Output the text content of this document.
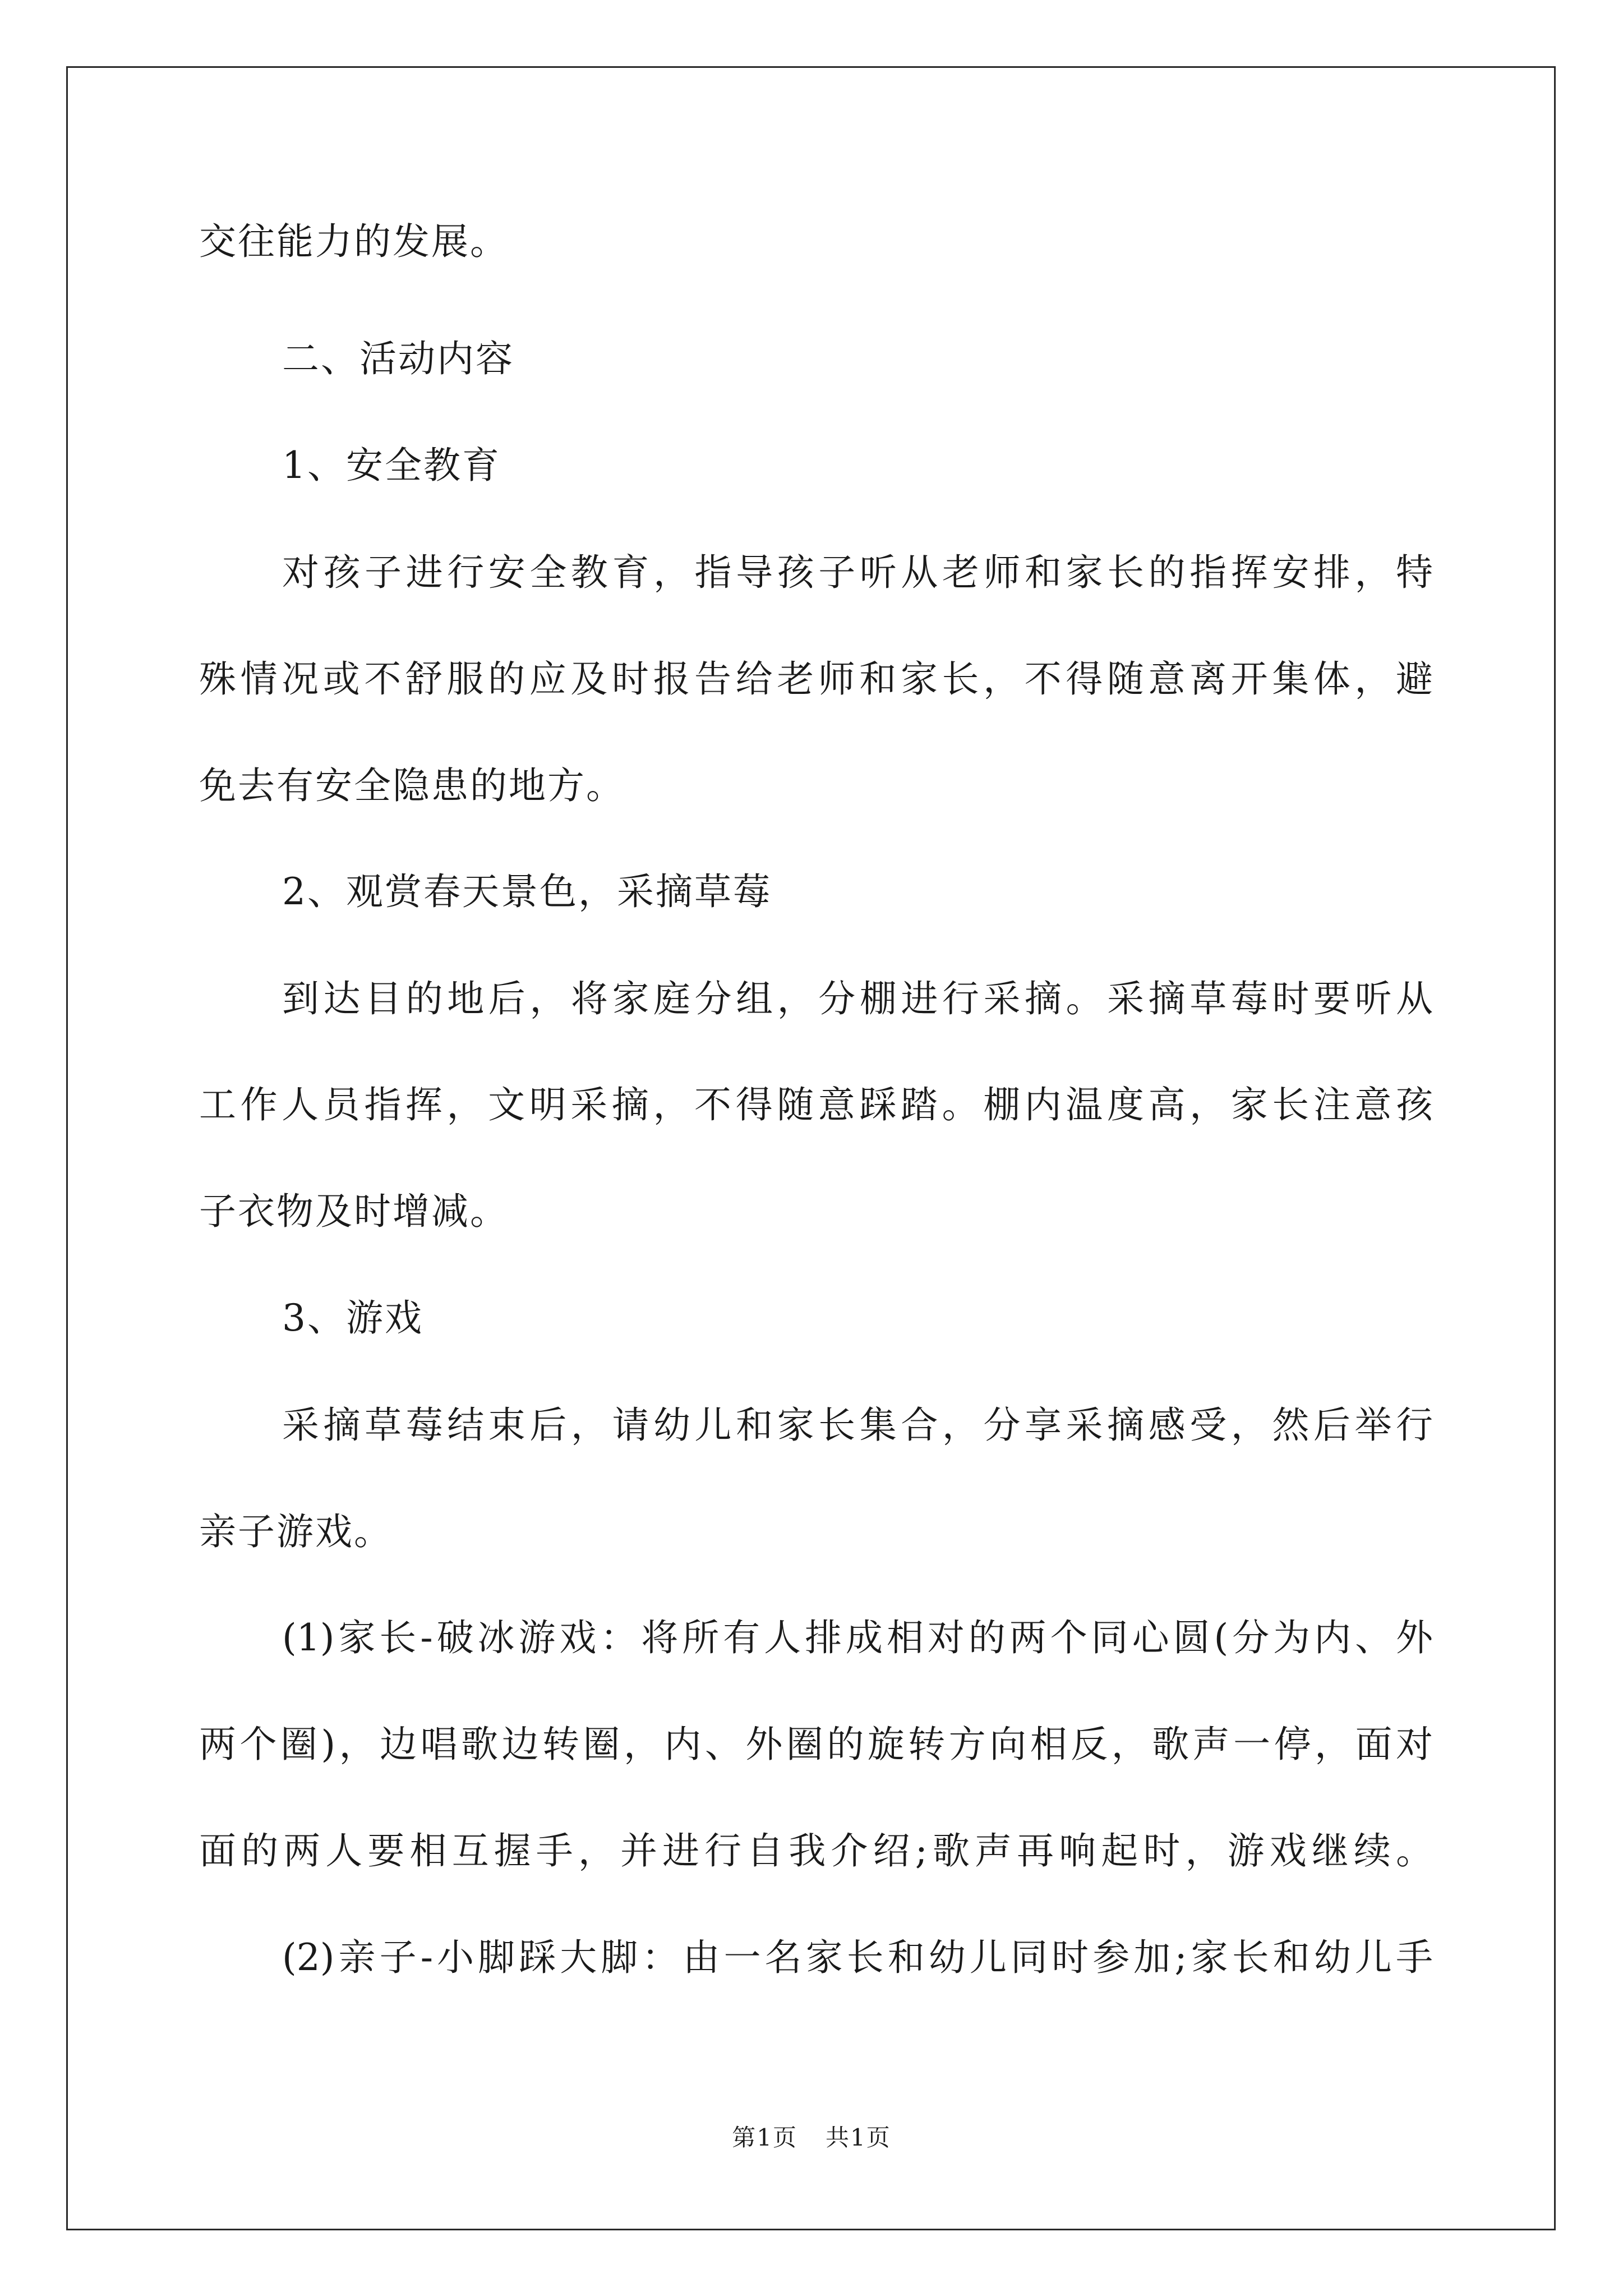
交往能力的发展。
二、活动内容
1、安全教育
对孩子进行安全教育，指导孩子听从老师和家长的指挥安排，特
殊情况或不舒服的应及时报告给老师和家长，不得随意离开集体，避
免去有安全隐患的地方。
2、观赏春天景色，采摘草莓
到达目的地后，将家庭分组，分棚进行采摘。采摘草莓时要听从
工作人员指挥，文明采摘，不得随意踩踏。棚内温度高，家长注意孩
子衣物及时增减。
3、游戏
采摘草莓结束后，请幼儿和家长集合，分享采摘感受，然后举行
亲子游戏。
(1)家长-破冰游戏：将所有人排成相对的两个同心圆(分为内、外
两个圈)，边唱歌边转圈，内、外圈的旋转方向相反，歌声一停，面对
面的两人要相互握手，并进行自我介绍;歌声再响起时，游戏继续。
(2)亲子-小脚踩大脚：由一名家长和幼儿同时参加;家长和幼儿手
第1页 共1页
